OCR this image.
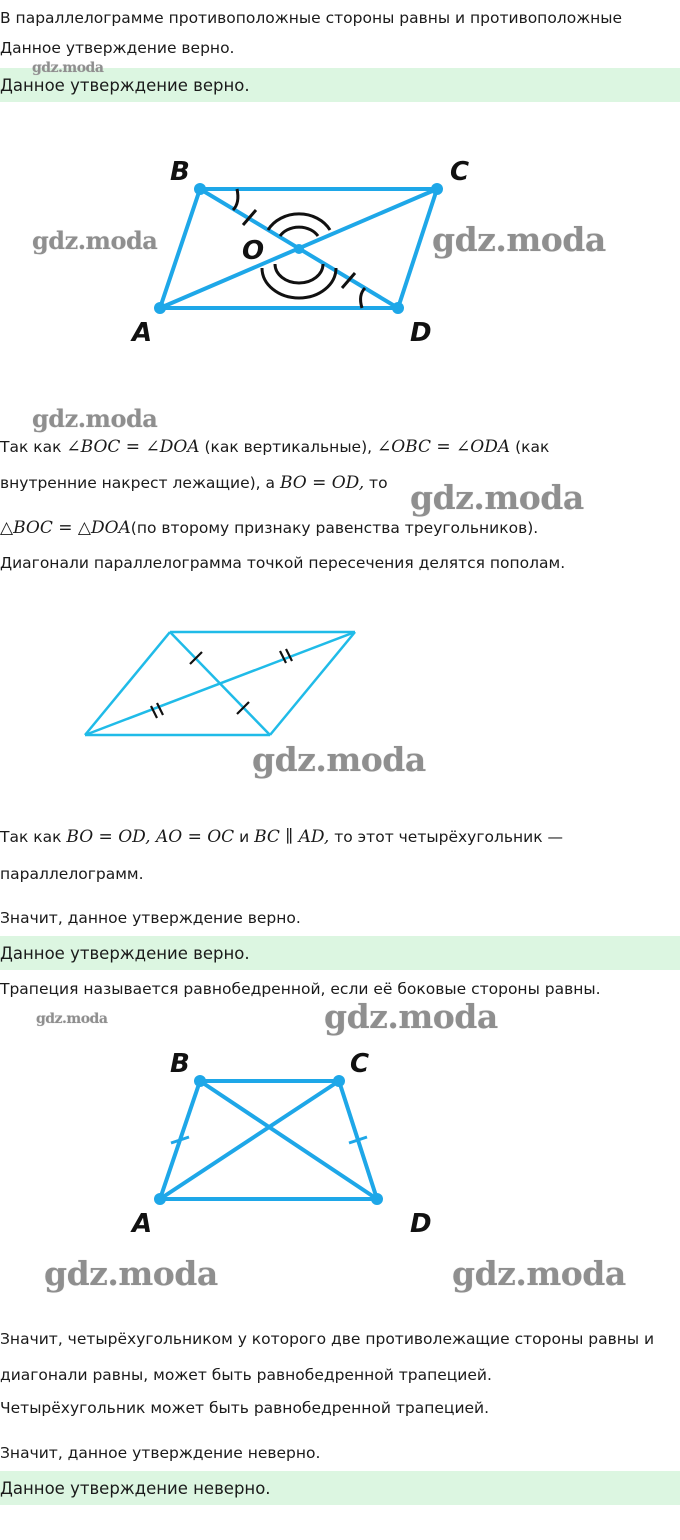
В параллелограмме противоположные стороны равны и противоположные
Данное утверждение верно.
Данное утверждение верно.
gdz.moda
B	C
O
A	D
gdz.moda	gdz.moda
gdz.moda
Так как ∠BOC = ∠DOA (как вертикальные), ∠OBC = ∠ODA (как
внутренние накрест лежащие), а BO = OD, то gdz.moda
△BOC = △DOA(по второму признаку равенства треугольников).
Диагонали параллелограмма точкой пересечения делятся пополам.
gdz.moda
Так как BO = OD, AO = OC и BC ∥ AD, то этот четырёхугольник —
параллелограмм.
Значит, данное утверждение верно.
Данное утверждение верно.
Трапеция называется равнобедренной, если её боковые стороны равны.
gdz.moda	gdz.moda
B	C
A	D
gdz.moda	gdz.moda
Значит, четырёхугольником у которого две противолежащие стороны равны и
диагонали равны, может быть равнобедренной трапецией.
Четырёхугольник может быть равнобедренной трапецией.
Значит, данное утверждение неверно.
Данное утверждение неверно.
